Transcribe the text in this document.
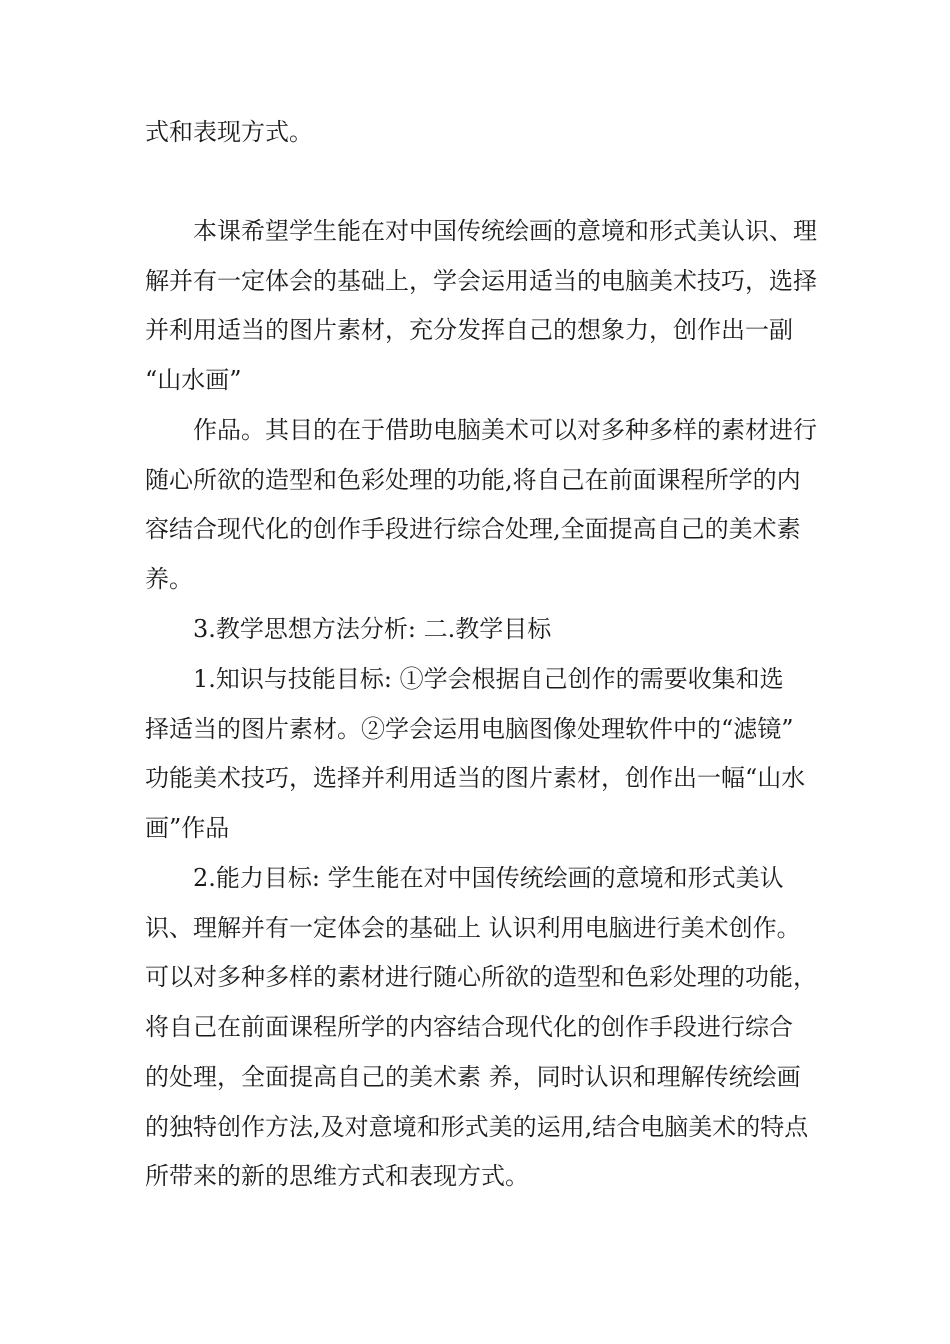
式和表现方式。
本课希望学生能在对中国传统绘画的意境和形式美认识、理
解并有一定体会的基础上，学会运用适当的电脑美术技巧，选择
并利用适当的图片素材，充分发挥自己的想象力，创作出一副
“山水画”
作品。其目的在于借助电脑美术可以对多种多样的素材进行
随心所欲的造型和色彩处理的功能,将自己在前面课程所学的内
容结合现代化的创作手段进行综合处理,全面提高自己的美术素
养。
3.教学思想方法分析: 二.教学目标
1.知识与技能目标: ①学会根据自己创作的需要收集和选
择适当的图片素材。②学会运用电脑图像处理软件中的“滤镜”
功能美术技巧，选择并利用适当的图片素材，创作出一幅“山水
画”作品
2.能力目标: 学生能在对中国传统绘画的意境和形式美认
识、理解并有一定体会的基础上 认识利用电脑进行美术创作。
可以对多种多样的素材进行随心所欲的造型和色彩处理的功能，
将自己在前面课程所学的内容结合现代化的创作手段进行综合
的处理，全面提高自己的美术素 养，同时认识和理解传统绘画
的独特创作方法,及对意境和形式美的运用,结合电脑美术的特点
所带来的新的思维方式和表现方式。
